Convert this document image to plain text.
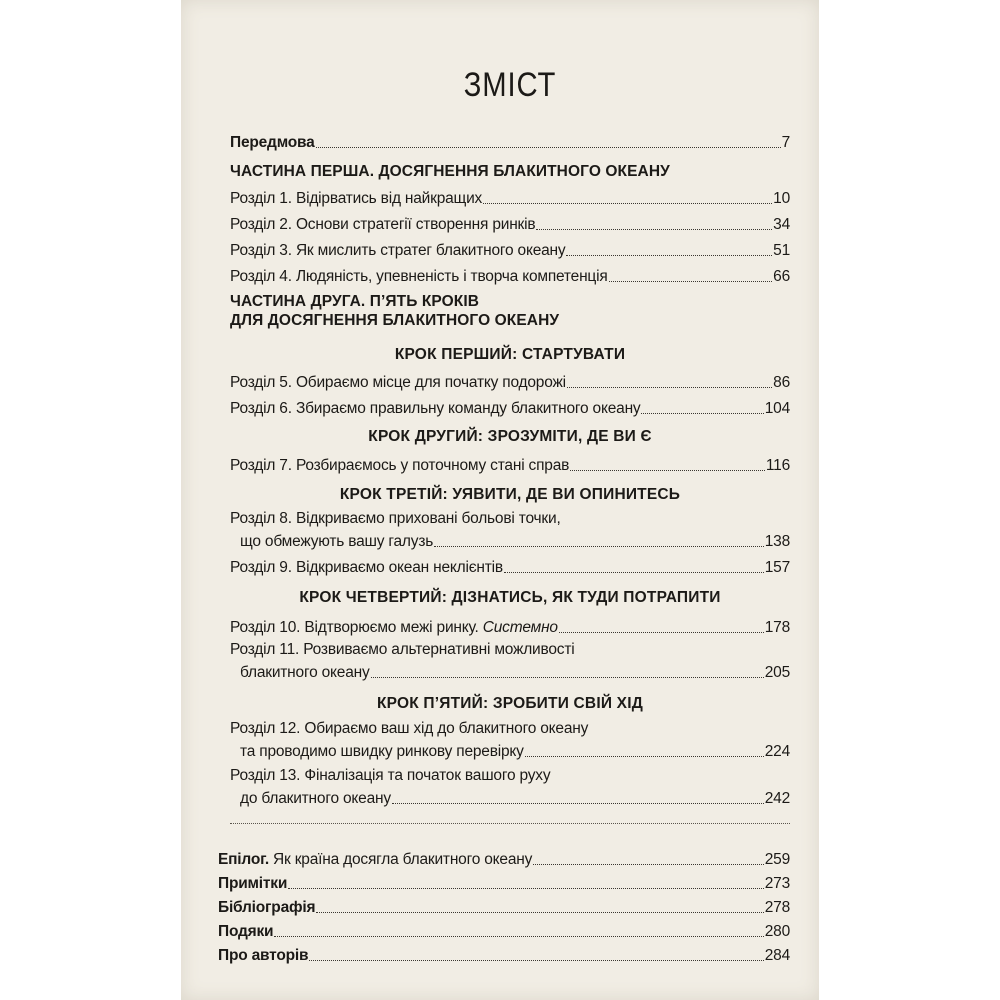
ЗМІСТ
Передмова	7
ЧАСТИНА ПЕРША. ДОСЯГНЕННЯ БЛАКИТНОГО ОКЕАНУ
Розділ 1. Відірватись від найкращих	10
Розділ 2. Основи стратегії створення ринків	34
Розділ 3. Як мислить стратег блакитного океану	51
Розділ 4. Людяність, упевненість і творча компетенція	66
ЧАСТИНА ДРУГА. П’ЯТЬ КРОКІВ
ДЛЯ ДОСЯГНЕННЯ БЛАКИТНОГО ОКЕАНУ
КРОК ПЕРШИЙ: СТАРТУВАТИ
Розділ 5. Обираємо місце для початку подорожі	86
Розділ 6. Збираємо правильну команду блакитного океану	104
КРОК ДРУГИЙ: ЗРОЗУМІТИ, ДЕ ВИ Є
Розділ 7. Розбираємось у поточному стані справ	116
КРОК ТРЕТІЙ: УЯВИТИ, ДЕ ВИ ОПИНИТЕСЬ
Розділ 8. Відкриваємо приховані больові точки,
що обмежують вашу галузь	138
Розділ 9. Відкриваємо океан неклієнтів	157
КРОК ЧЕТВЕРТИЙ: ДІЗНАТИСЬ, ЯК ТУДИ ПОТРАПИТИ
Розділ 10. Відтворюємо межі ринку. Системно	178
Розділ 11. Розвиваємо альтернативні можливості
блакитного океану	205
КРОК П’ЯТИЙ: ЗРОБИТИ СВІЙ ХІД
Розділ 12. Обираємо ваш хід до блакитного океану
та проводимо швидку ринкову перевірку	224
Розділ 13. Фіналізація та початок вашого руху
до блакитного океану	242
Епілог. Як країна досягла блакитного океану	259
Примітки	273
Бібліографія	278
Подяки	280
Про авторів	284
